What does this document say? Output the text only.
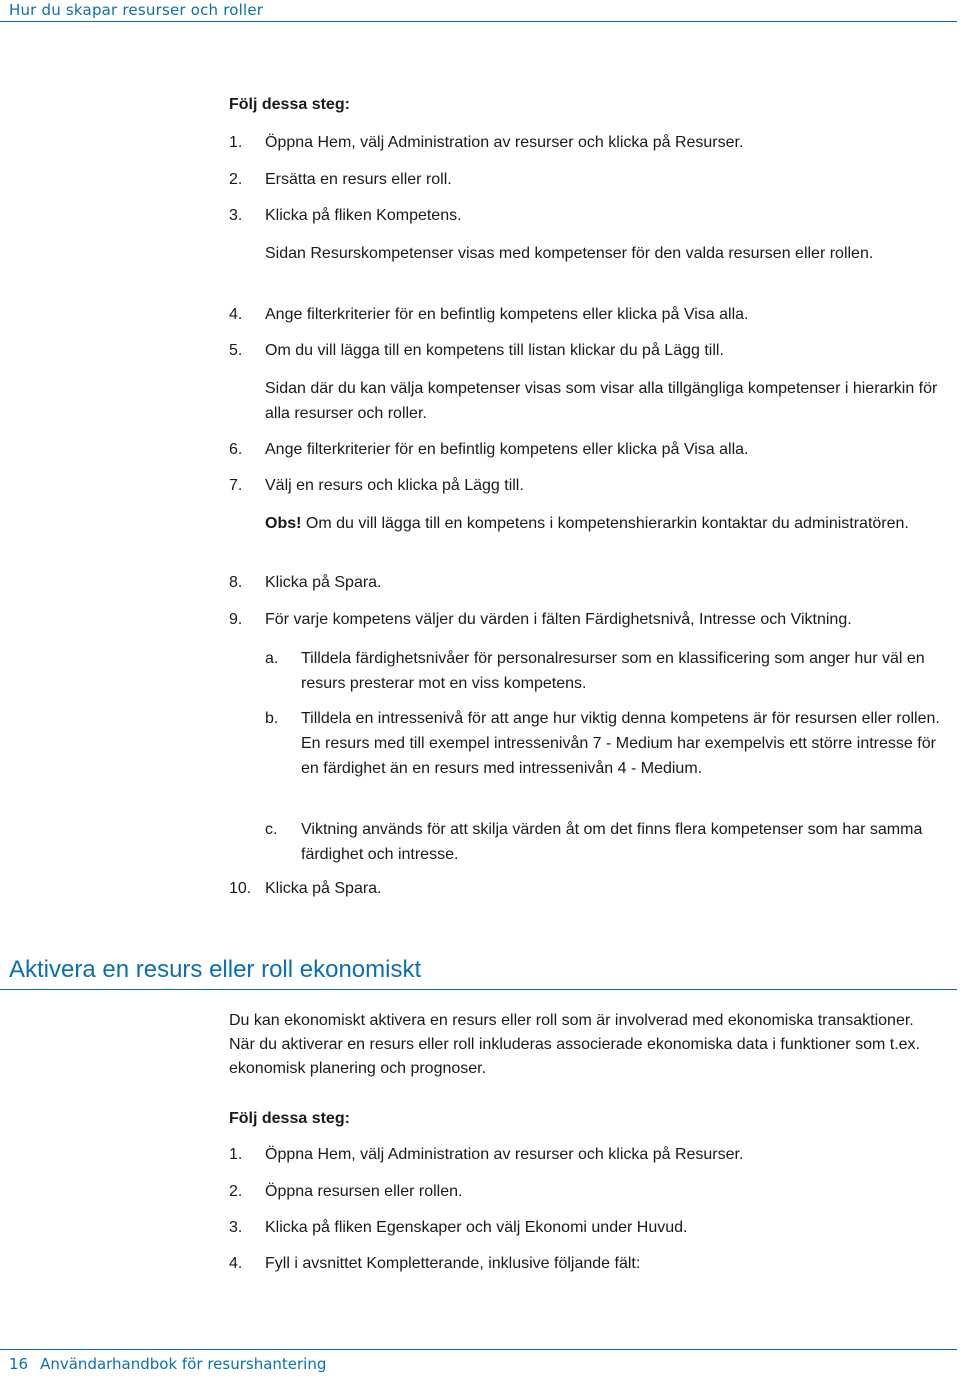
Hur du skapar resurser och roller
Följ dessa steg:
1. Öppna Hem, välj Administration av resurser och klicka på Resurser.
2. Ersätta en resurs eller roll.
3. Klicka på fliken Kompetens.
Sidan Resurskompetenser visas med kompetenser för den valda resursen eller rollen.
4. Ange filterkriterier för en befintlig kompetens eller klicka på Visa alla.
5. Om du vill lägga till en kompetens till listan klickar du på Lägg till.
Sidan där du kan välja kompetenser visas som visar alla tillgängliga kompetenser i hierarkin för alla resurser och roller.
6. Ange filterkriterier för en befintlig kompetens eller klicka på Visa alla.
7. Välj en resurs och klicka på Lägg till.
Obs! Om du vill lägga till en kompetens i kompetenshierarkin kontaktar du administratören.
8. Klicka på Spara.
9. För varje kompetens väljer du värden i fälten Färdighetsnivå, Intresse och Viktning.
a. Tilldela färdighetsnivåer för personalresurser som en klassificering som anger hur väl en resurs presterar mot en viss kompetens.
b. Tilldela en intressenivå för att ange hur viktig denna kompetens är för resursen eller rollen. En resurs med till exempel intressenivån 7 - Medium har exempelvis ett större intresse för en färdighet än en resurs med intressenivån 4 - Medium.
c. Viktning används för att skilja värden åt om det finns flera kompetenser som har samma färdighet och intresse.
10. Klicka på Spara.
Aktivera en resurs eller roll ekonomiskt
Du kan ekonomiskt aktivera en resurs eller roll som är involverad med ekonomiska transaktioner. När du aktiverar en resurs eller roll inkluderas associerade ekonomiska data i funktioner som t.ex. ekonomisk planering och prognoser.
Följ dessa steg:
1. Öppna Hem, välj Administration av resurser och klicka på Resurser.
2. Öppna resursen eller rollen.
3. Klicka på fliken Egenskaper och välj Ekonomi under Huvud.
4. Fyll i avsnittet Kompletterande, inklusive följande fält:
16 Användarhandbok för resurshantering
